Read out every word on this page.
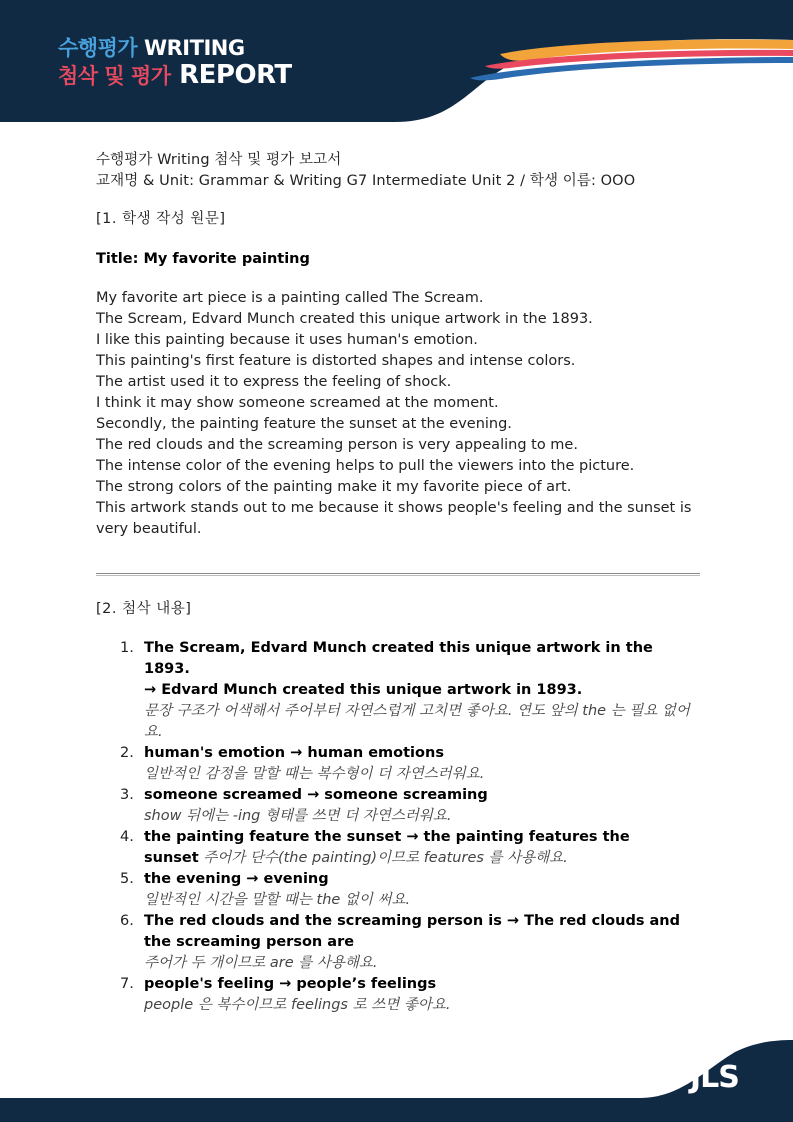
수행평가 WRITING
첨삭 및 평가 REPORT

수행평가 Writing 첨삭 및 평가 보고서

교재명 & Unit: Grammar & Writing G7 Intermediate Unit 2 / 학생 이름: OOO

[1. 학생 작성 원문]
Title: My favorite painting
My favorite art piece is a painting called The Scream.
The Scream, Edvard Munch created this unique artwork in the 1893.
I like this painting because it uses human's emotion.
This painting's first feature is distorted shapes and intense colors.
The artist used it to express the feeling of shock.
I think it may show someone screamed at the moment.
Secondly, the painting feature the sunset at the evening.
The red clouds and the screaming person is very appealing to me.
The intense color of the evening helps to pull the viewers into the picture.
The strong colors of the painting make it my favorite piece of art.
This artwork stands out to me because it shows people's feeling and the sunset is very beautiful.
[2. 첨삭 내용]
1. The Scream, Edvard Munch created this unique artwork in the 1893.
→ Edvard Munch created this unique artwork in 1893.
문장 구조가 어색해서 주어부터 자연스럽게 고치면 좋아요. 연도 앞의 the 는 필요 없어요.
2. human's emotion → human emotions
일반적인 감정을 말할 때는 복수형이 더 자연스러워요.
3. someone screamed → someone screaming
show 뒤에는 -ing 형태를 쓰면 더 자연스러워요.
4. the painting feature the sunset → the painting features the
sunset 주어가 단수(the painting)이므로 features 를 사용해요.
5. the evening → evening
일반적인 시간을 말할 때는 the 없이 써요.
6. The red clouds and the screaming person is → The red clouds and the screaming person are
주어가 두 개이므로 are 를 사용해요.
7. people's feeling → people’s feelings
people 은 복수이므로 feelings 로 쓰면 좋아요.
JLS
